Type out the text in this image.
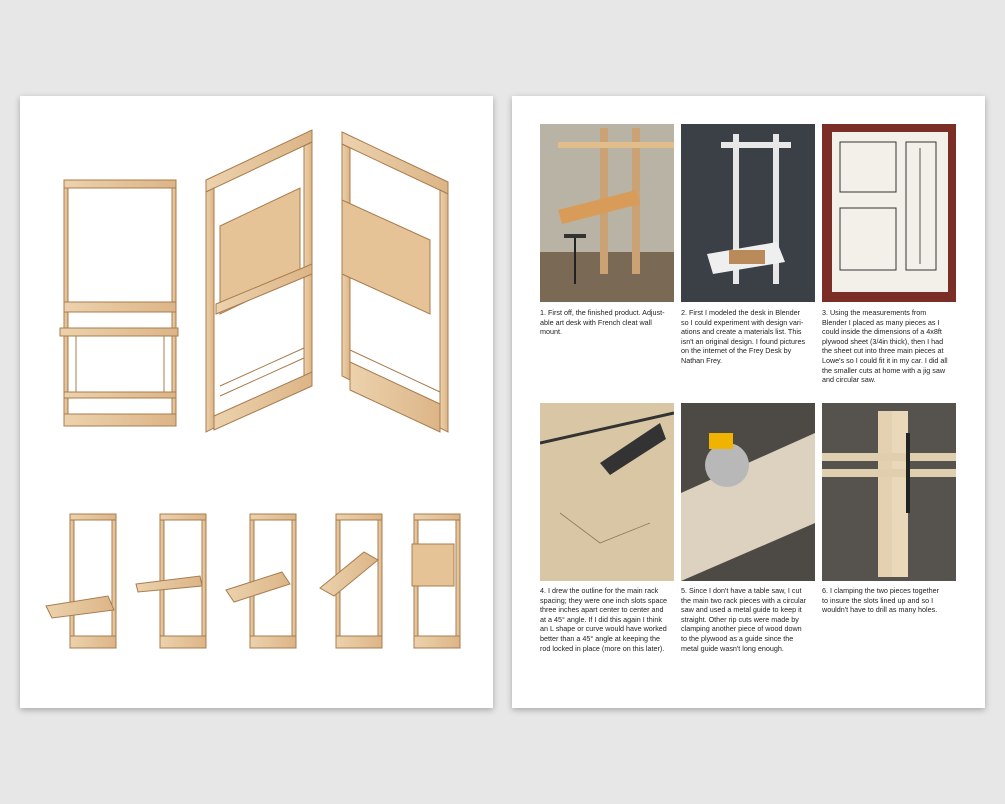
1. First off, the finished product. Adjust-
able art desk with French cleat wall
mount.

2. First I modeled the desk in Blender
so I could experiment with design vari-
ations and create a materials list. This
isn't an original design. I found pictures
on the internet of the Frey Desk by
Nathan Frey.

3. Using the measurements from
Blender I placed as many pieces as I
could inside the dimensions of a 4x8ft
plywood sheet (3/4in thick), then I had
the sheet cut into three main pieces at
Lowe's so I could fit it in my car. I did all
the smaller cuts at home with a jig saw
and circular saw.

4. I drew the outline for the main rack
spacing; they were one inch slots space
three inches apart center to center and
at a 45° angle. If I did this again I think
an L shape or curve would have worked
better than a 45° angle at keeping the
rod locked in place (more on this later).

5. Since I don't have a table saw, I cut
the main two rack pieces with a circular
saw and used a metal guide to keep it
straight. Other rip cuts were made by
clamping another piece of wood down
to the plywood as a guide since the
metal guide wasn't long enough.

6. I clamping the two pieces together
to insure the slots lined up and so I
wouldn't have to drill as many holes.
